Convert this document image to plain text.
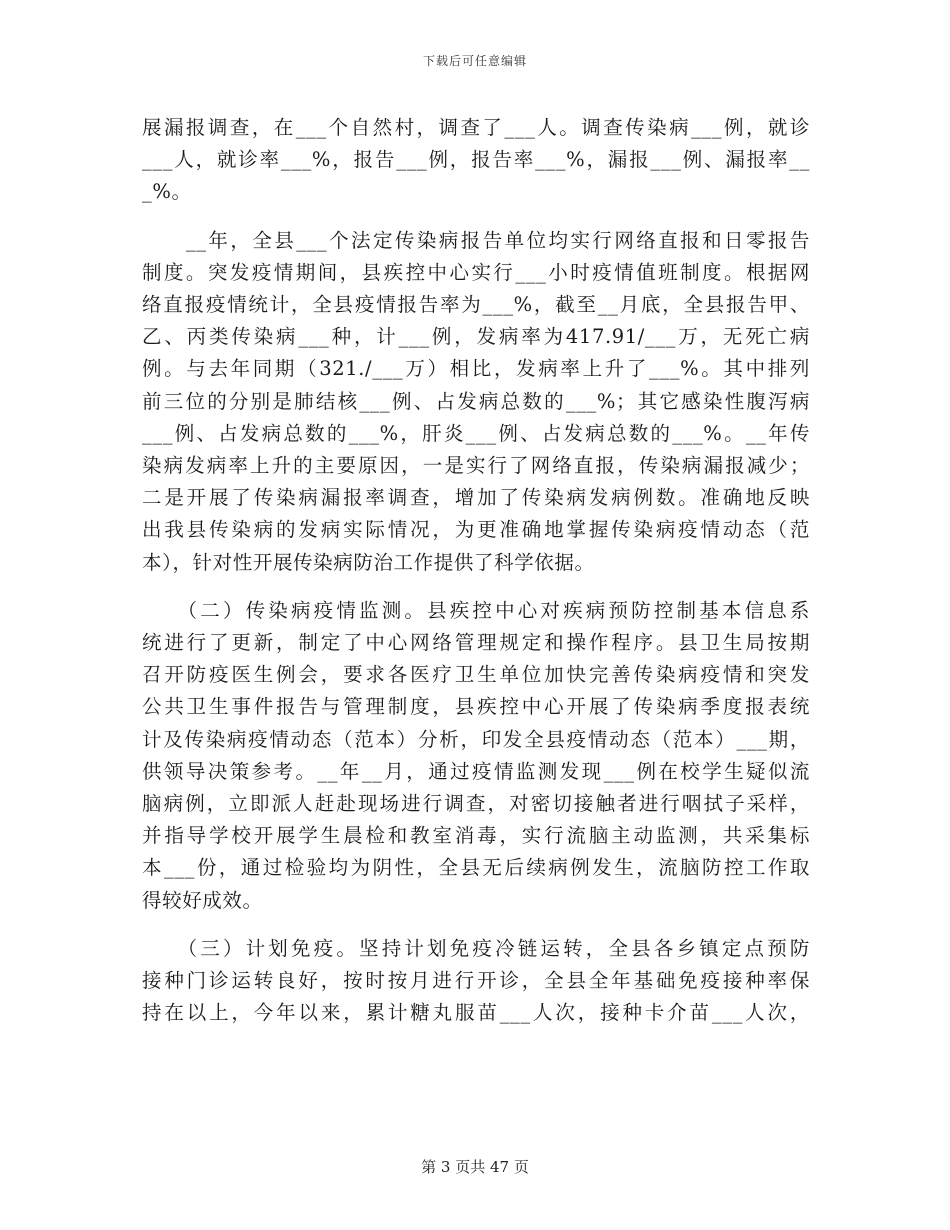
下载后可任意编辑
展漏报调查，在___个自然村，调查了___人。调查传染病___例，就诊
___人，就诊率___%，报告___例，报告率___%，漏报___例、漏报率__
_%。
　　__年，全县___个法定传染病报告单位均实行网络直报和日零报告
制度。突发疫情期间，县疾控中心实行___小时疫情值班制度。根据网
络直报疫情统计，全县疫情报告率为___%，截至__月底，全县报告甲、
乙、丙类传染病___种，计___例，发病率为417.91/___万，无死亡病
例。与去年同期（321./___万）相比，发病率上升了___%。其中排列
前三位的分别是肺结核___例、占发病总数的___%；其它感染性腹泻病
___例、占发病总数的___%，肝炎___例、占发病总数的___%。__年传
染病发病率上升的主要原因，一是实行了网络直报，传染病漏报减少；
二是开展了传染病漏报率调查，增加了传染病发病例数。准确地反映
出我县传染病的发病实际情况，为更准确地掌握传染病疫情动态（范
本），针对性开展传染病防治工作提供了科学依据。
　　（二）传染病疫情监测。县疾控中心对疾病预防控制基本信息系
统进行了更新，制定了中心网络管理规定和操作程序。县卫生局按期
召开防疫医生例会，要求各医疗卫生单位加快完善传染病疫情和突发
公共卫生事件报告与管理制度，县疾控中心开展了传染病季度报表统
计及传染病疫情动态（范本）分析，印发全县疫情动态（范本）___期，
供领导决策参考。__年__月，通过疫情监测发现___例在校学生疑似流
脑病例，立即派人赶赴现场进行调查，对密切接触者进行咽拭子采样，
并指导学校开展学生晨检和教室消毒，实行流脑主动监测，共采集标
本___份，通过检验均为阴性，全县无后续病例发生，流脑防控工作取
得较好成效。
　　（三）计划免疫。坚持计划免疫冷链运转，全县各乡镇定点预防
接种门诊运转良好，按时按月进行开诊，全县全年基础免疫接种率保
持在以上，今年以来，累计糖丸服苗___人次，接种卡介苗___人次，
第 3 页共 47 页
